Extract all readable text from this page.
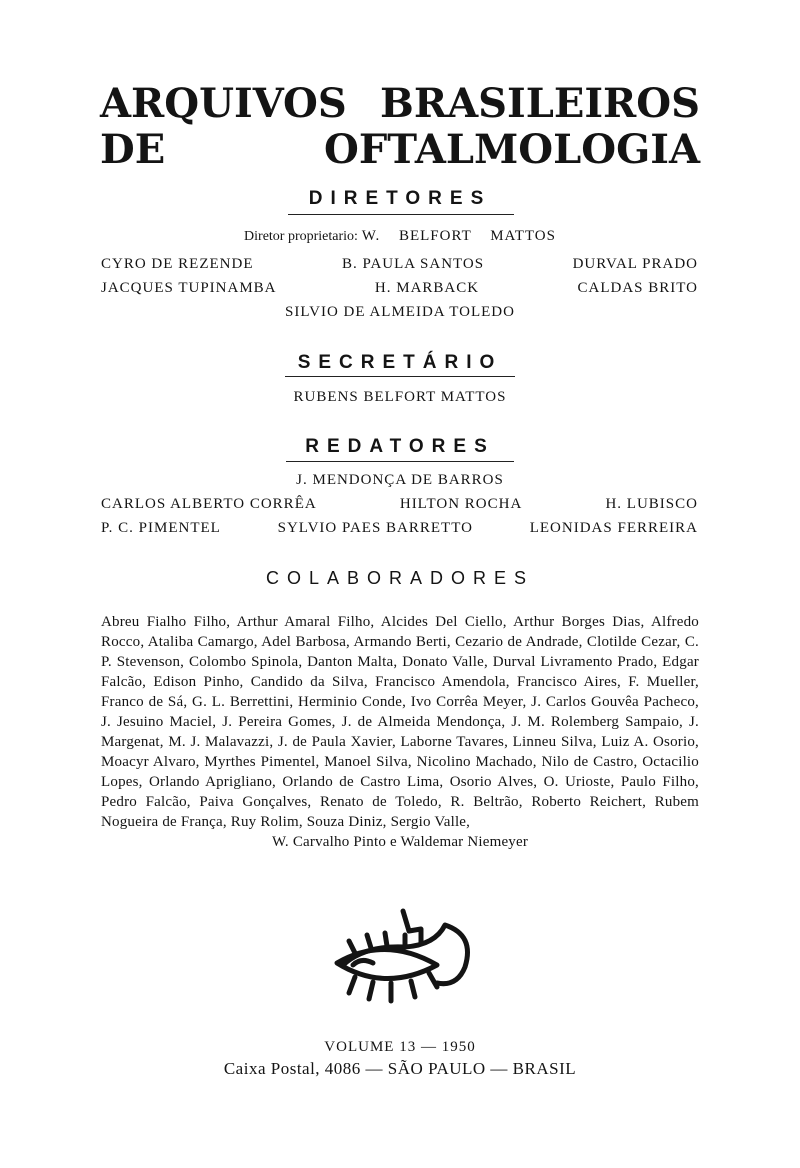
ARQUIVOS BRASILEIROS
DE	OFTALMOLOGIA
DIRETORES
Diretor proprietario: W. BELFORT MATTOS
CYRO DE REZENDE	B. PAULA SANTOS	DURVAL PRADO
JACQUES TUPINAMBA	H. MARBACK	CALDAS BRITO
SILVIO DE ALMEIDA TOLEDO
SECRETÁRIO
RUBENS BELFORT MATTOS
REDATORES
J. MENDONÇA DE BARROS
CARLOS ALBERTO CORRÊA	HILTON ROCHA	H. LUBISCO
P. C. PIMENTEL	SYLVIO PAES BARRETTO	LEONIDAS FERREIRA
COLABORADORES

Abreu Fialho Filho, Arthur Amaral Filho, Alcides Del Ciello, Arthur Borges Dias, Alfredo Rocco, Ataliba Camargo, Adel Barbosa, Armando Berti, Cezario de Andrade, Clotilde Cezar, C. P. Stevenson, Colombo Spinola, Danton Malta, Donato Valle, Durval Livramento Prado, Edgar Falcão, Edison Pinho, Candido da Silva, Francisco Amendola, Francisco Aires, F. Mueller, Franco de Sá, G. L. Berrettini, Herminio Conde, Ivo Corrêa Meyer, J. Carlos Gouvêa Pacheco, J. Jesuino Maciel, J. Pereira Gomes, J. de Almeida Mendonça, J. M. Rolemberg Sampaio, J. Margenat, M. J. Malavazzi, J. de Paula Xavier, Laborne Tavares, Linneu Silva, Luiz A. Osorio, Moacyr Alvaro, Myrthes Pimentel, Manoel Silva, Nicolino Machado, Nilo de Castro, Octacilio Lopes, Orlando Aprigliano, Orlando de Castro Lima, Osorio Alves, O. Urioste, Paulo Filho, Pedro Falcão, Paiva Gonçalves, Renato de Toledo, R. Beltrão, Roberto Reichert, Rubem Nogueira de França, Ruy Rolim, Souza Diniz, Sergio Valle,
W. Carvalho Pinto e Waldemar Niemeyer

VOLUME 13 — 1950
Caixa Postal, 4086 — SÃO PAULO — BRASIL
